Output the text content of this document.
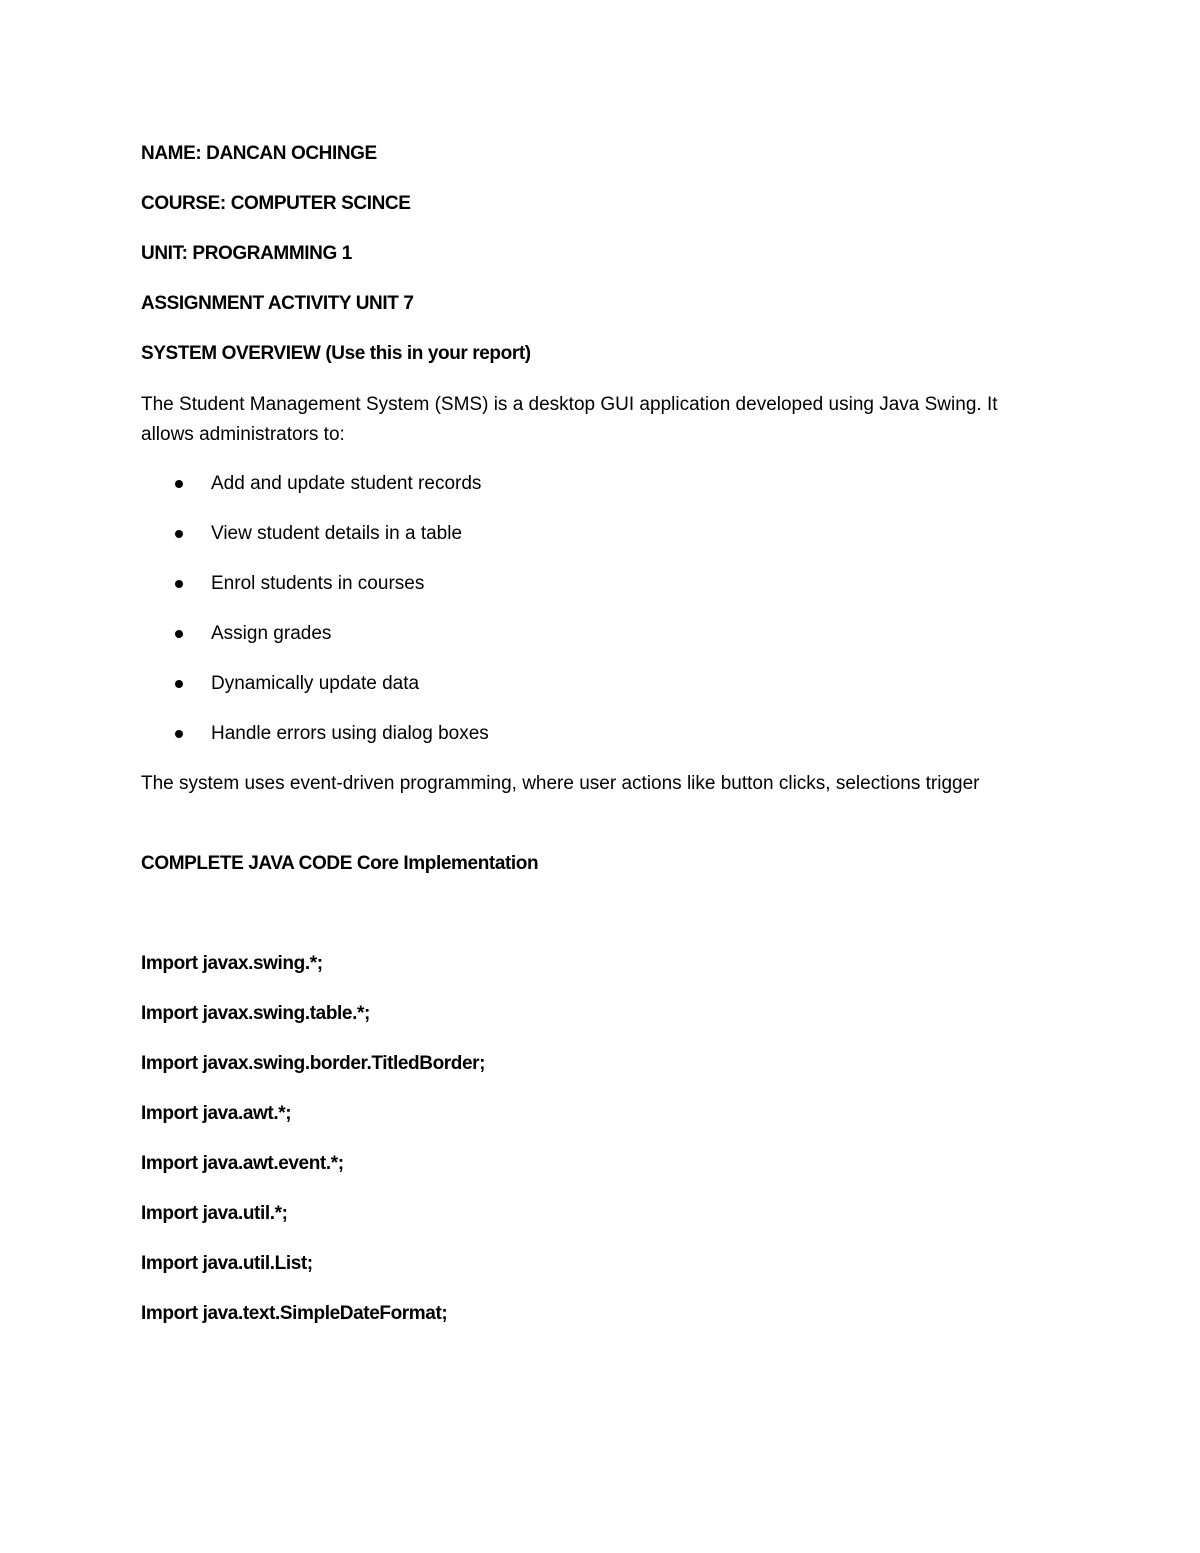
NAME: DANCAN OCHINGE

COURSE: COMPUTER SCINCE

UNIT: PROGRAMMING 1

ASSIGNMENT ACTIVITY UNIT 7

SYSTEM OVERVIEW (Use this in your report)

The Student Management System (SMS) is a desktop GUI application developed using Java Swing. It allows administrators to:

Add and update student records
View student details in a table
Enrol students in courses
Assign grades
Dynamically update data
Handle errors using dialog boxes

The system uses event-driven programming, where user actions like button clicks, selections trigger

COMPLETE JAVA CODE Core Implementation

Import javax.swing.*;

Import javax.swing.table.*;

Import javax.swing.border.TitledBorder;

Import java.awt.*;

Import java.awt.event.*;

Import java.util.*;

Import java.util.List;

Import java.text.SimpleDateFormat;
